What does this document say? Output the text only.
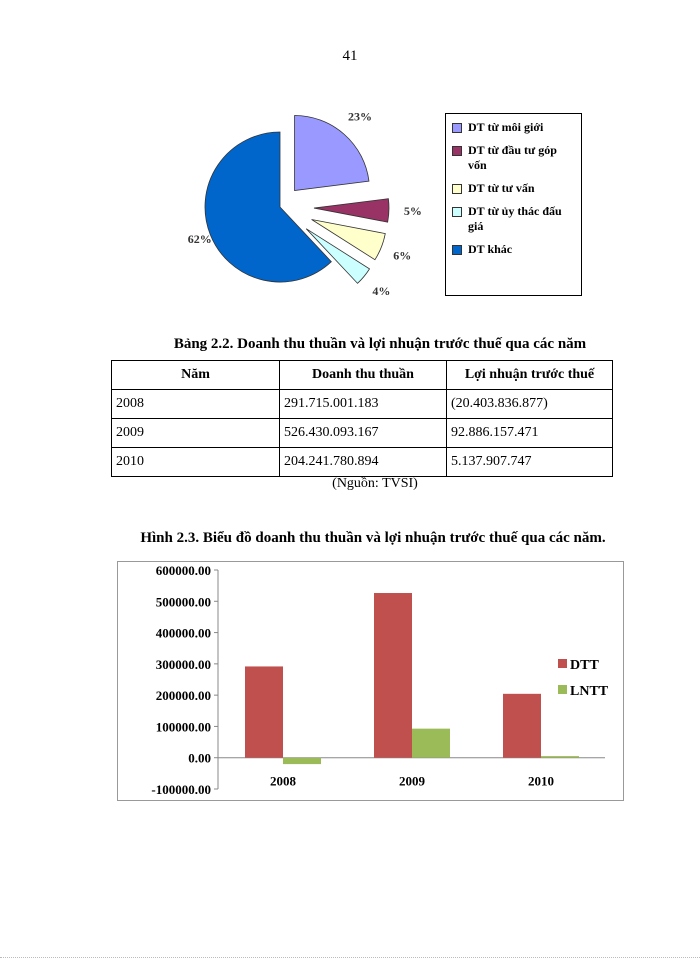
41
23%
5%
6%
4%
62%
DT từ môi giới
DT từ đầu tư góp vốn
DT từ tư vấn
DT từ ủy thác đấu giá
DT khác
Bảng 2.2. Doanh thu thuần và lợi nhuận trước thuế qua các năm
Năm	Doanh thu thuần	Lợi nhuận trước thuế
2008	291.715.001.183	(20.403.836.877)
2009	526.430.093.167	92.886.157.471
2010	204.241.780.894	5.137.907.747
(Nguồn: TVSI)
Hình 2.3. Biểu đồ doanh thu thuần và lợi nhuận trước thuế qua các năm.
600000.00
500000.00
400000.00
300000.00
200000.00
100000.00
0.00
-100000.00
2008	2009	2010
DTT
LNTT
